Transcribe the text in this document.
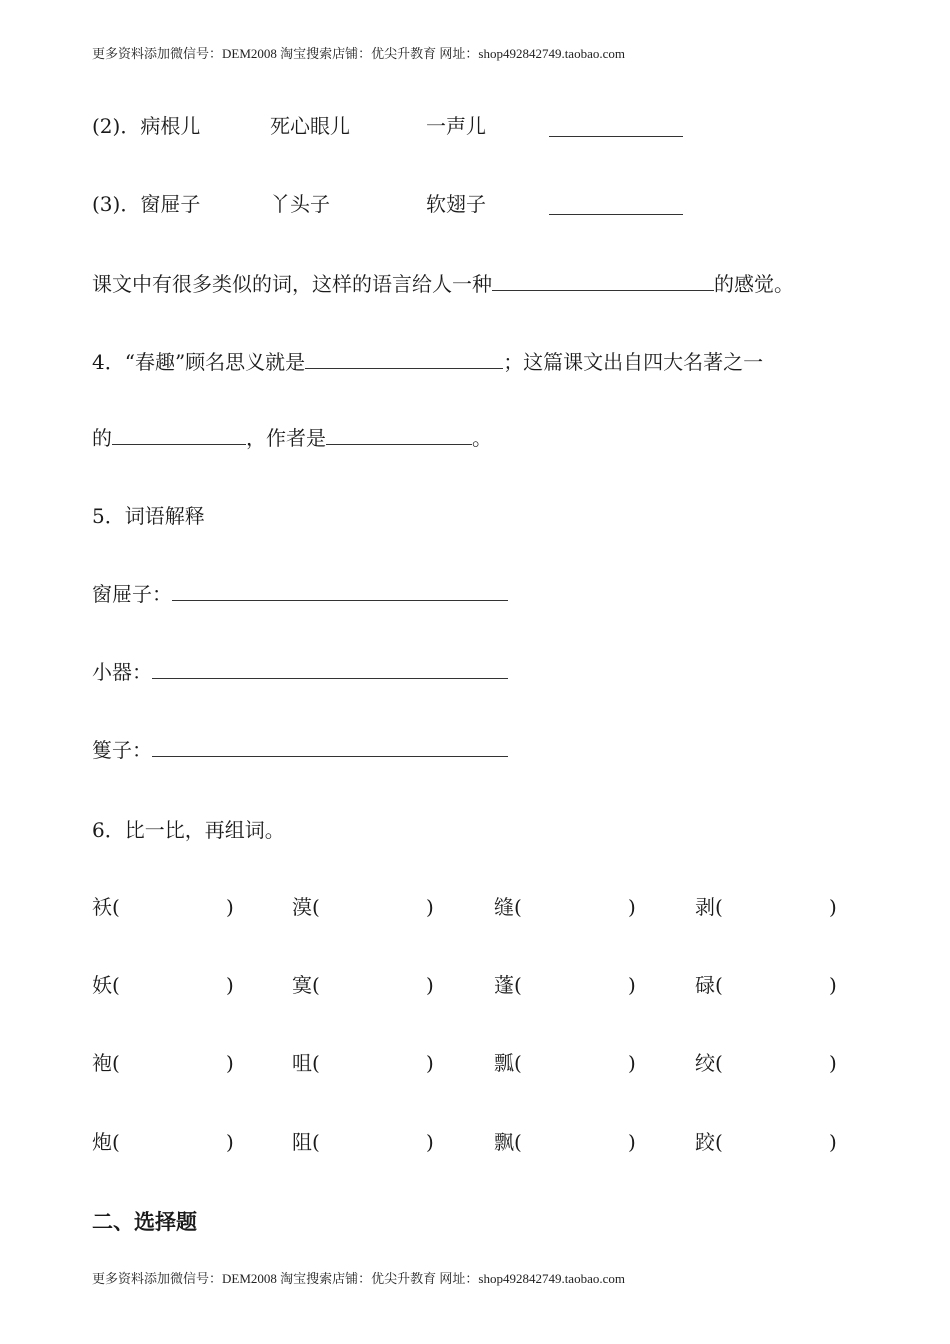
更多资料添加微信号：DEM2008 淘宝搜索店铺：优尖升教育 网址：shop492842749.taobao.com
(2)．病根儿	死心眼儿	一声儿
(3)．窗屉子	丫头子	软翅子
课文中有很多类似的词，这样的语言给人一种	的感觉。
4．“春趣”顾名思义就是	；这篇课文出自四大名著之一
的	，作者是	。
5．词语解释
窗屉子：
小器：
篗子：
6．比一比，再组词。
袄(	)	漠(	)	缝(	)	剥(	)
妖(	)	寞(	)	蓬(	)	碌(	)
袍(	)	咀(	)	瓢(	)	绞(	)
炮(	)	阻(	)	飘(	)	跤(	)
二、选择题
更多资料添加微信号：DEM2008 淘宝搜索店铺：优尖升教育 网址：shop492842749.taobao.com
